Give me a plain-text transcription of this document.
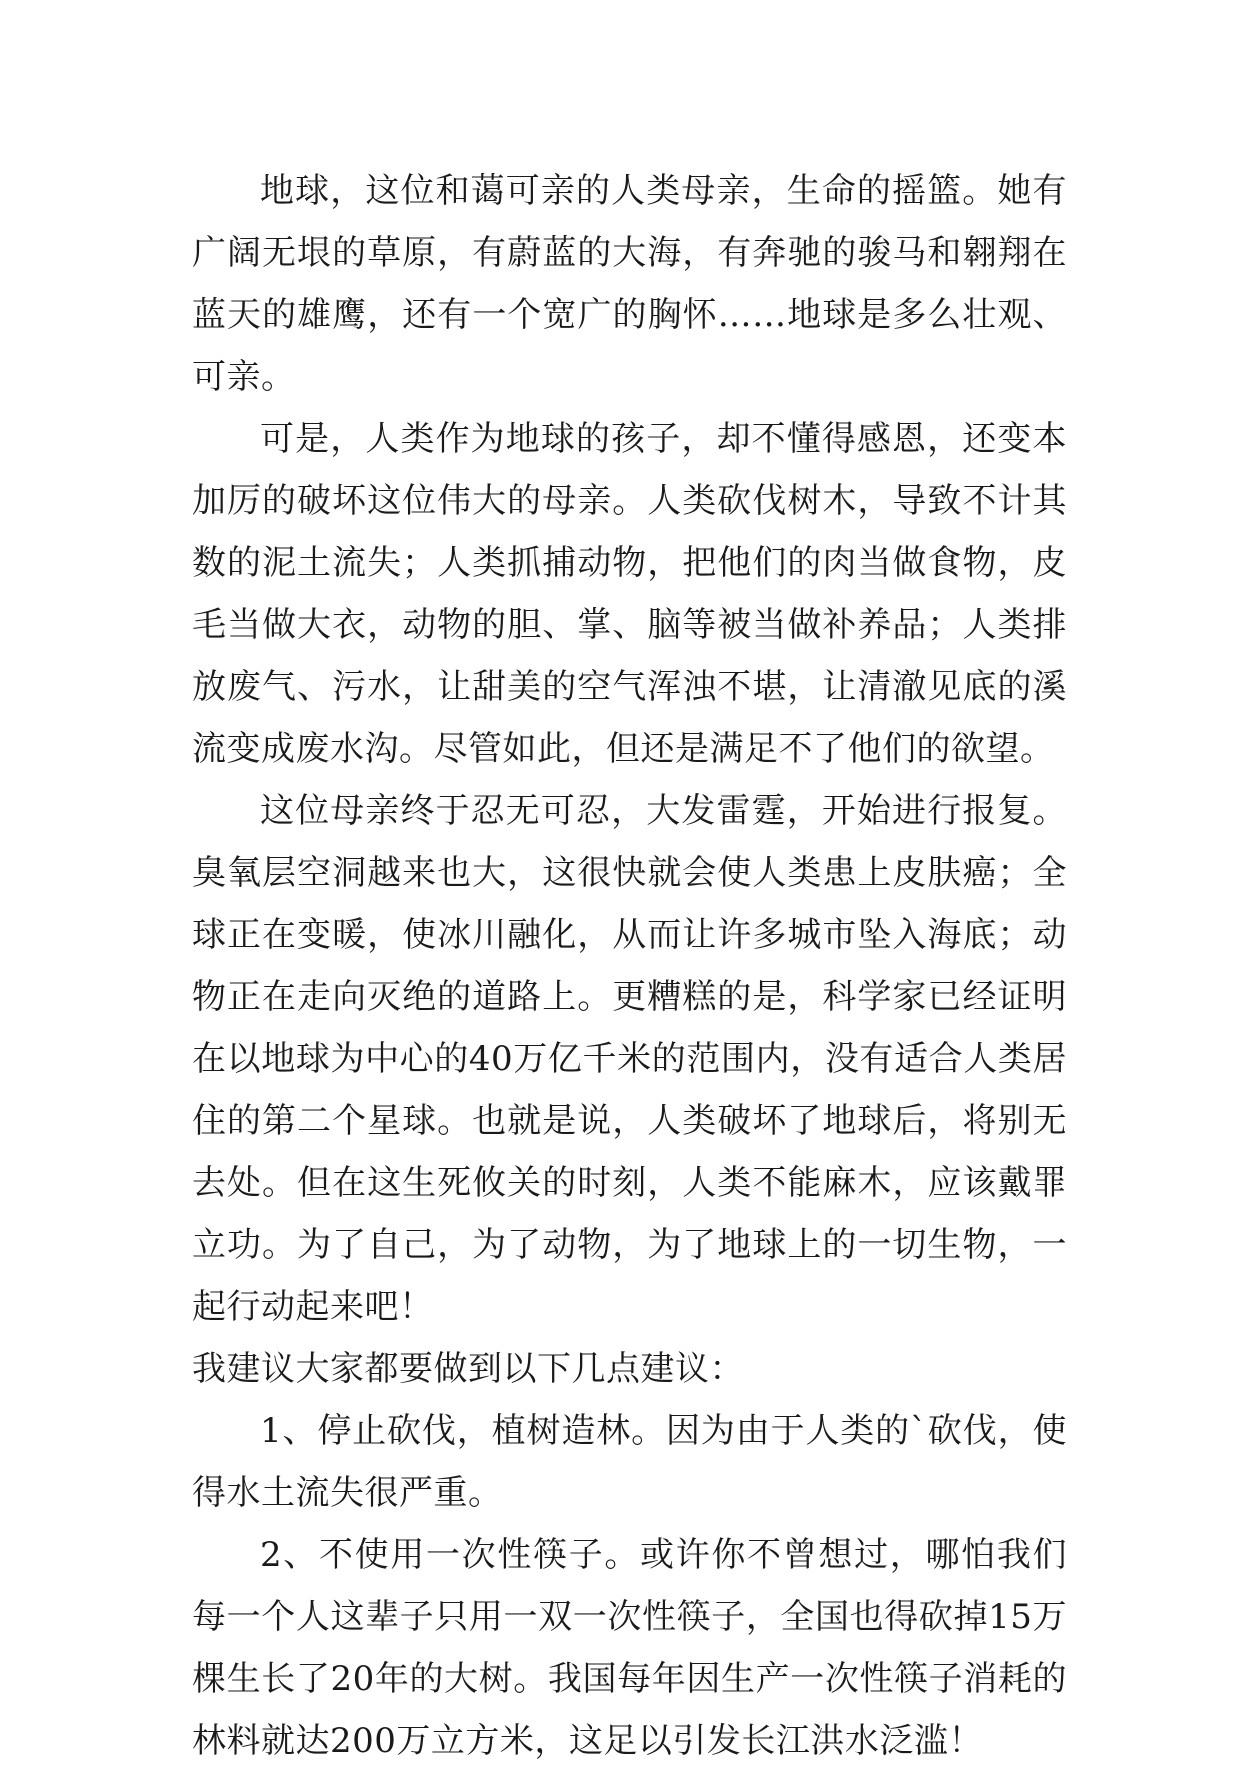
地球，这位和蔼可亲的人类母亲，生命的摇篮。她有广阔无垠的草原，有蔚蓝的大海，有奔驰的骏马和翱翔在蓝天的雄鹰，还有一个宽广的胸怀……地球是多么壮观、可亲。

可是，人类作为地球的孩子，却不懂得感恩，还变本加厉的破坏这位伟大的母亲。人类砍伐树木，导致不计其数的泥土流失；人类抓捕动物，把他们的肉当做食物，皮毛当做大衣，动物的胆、掌、脑等被当做补养品；人类排放废气、污水，让甜美的空气浑浊不堪，让清澈见底的溪流变成废水沟。尽管如此，但还是满足不了他们的欲望。

这位母亲终于忍无可忍，大发雷霆，开始进行报复。臭氧层空洞越来也大，这很快就会使人类患上皮肤癌；全球正在变暖，使冰川融化，从而让许多城市坠入海底；动物正在走向灭绝的道路上。更糟糕的是，科学家已经证明在以地球为中心的40万亿千米的范围内，没有适合人类居住的第二个星球。也就是说，人类破坏了地球后，将别无去处。但在这生死攸关的时刻，人类不能麻木，应该戴罪立功。为了自己，为了动物，为了地球上的一切生物，一起行动起来吧！

我建议大家都要做到以下几点建议：

1、停止砍伐，植树造林。因为由于人类的`砍伐，使得水土流失很严重。

2、不使用一次性筷子。或许你不曾想过，哪怕我们每一个人这辈子只用一双一次性筷子，全国也得砍掉15万棵生长了20年的大树。我国每年因生产一次性筷子消耗的林料就达200万立方米，这足以引发长江洪水泛滥！
